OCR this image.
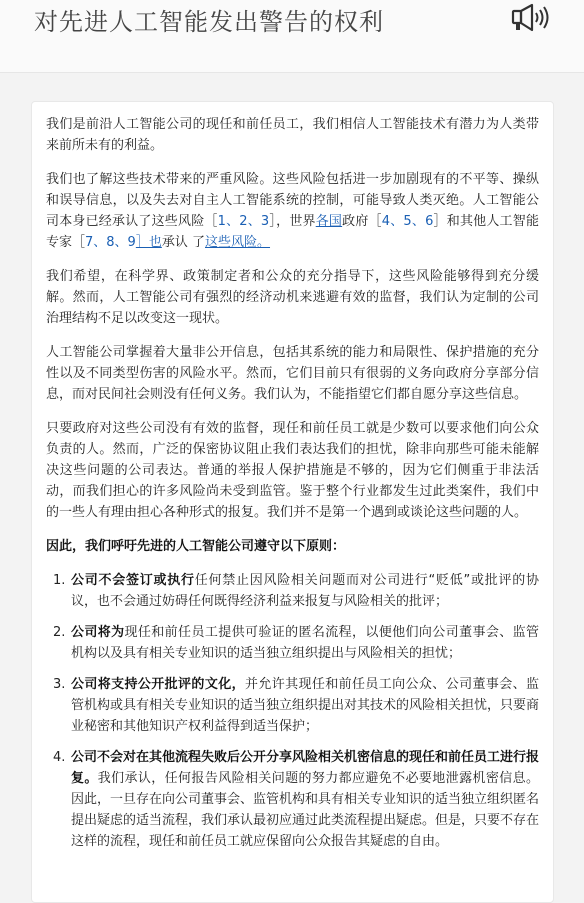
对先进人工智能发出警告的权利

我们是前沿人工智能公司的现任和前任员工，我们相信人工智能技术有潜力为人类带来前所未有的利益。

我们也了解这些技术带来的严重风险。这些风险包括进一步加剧现有的不平等、操纵和误导信息，以及失去对自主人工智能系统的控制，可能导致人类灭绝。人工智能公司本身已经承认了这些风险［1、2、3］，世界各国政府［4、5、6］和其他人工智能专家［7、8、9］也承认 了这些风险。

我们希望，在科学界、政策制定者和公众的充分指导下，这些风险能够得到充分缓解。然而，人工智能公司有强烈的经济动机来逃避有效的监督，我们认为定制的公司治理结构不足以改变这一现状。

人工智能公司掌握着大量非公开信息，包括其系统的能力和局限性、保护措施的充分性以及不同类型伤害的风险水平。然而，它们目前只有很弱的义务向政府分享部分信息，而对民间社会则没有任何义务。我们认为，不能指望它们都自愿分享这些信息。

只要政府对这些公司没有有效的监督，现任和前任员工就是少数可以要求他们向公众负责的人。然而，广泛的保密协议阻止我们表达我们的担忧，除非向那些可能未能解决这些问题的公司表达。普通的举报人保护措施是不够的，因为它们侧重于非法活动，而我们担心的许多风险尚未受到监管。鉴于整个行业都发生过此类案件，我们中的一些人有理由担心各种形式的报复。我们并不是第一个遇到或谈论这些问题的人。

因此，我们呼吁先进的人工智能公司遵守以下原则：

1. 公司不会签订或执行任何禁止因风险相关问题而对公司进行“贬低”或批评的协议，也不会通过妨碍任何既得经济利益来报复与风险相关的批评；
2. 公司将为现任和前任员工提供可验证的匿名流程，以便他们向公司董事会、监管机构以及具有相关专业知识的适当独立组织提出与风险相关的担忧；
3. 公司将支持公开批评的文化，并允许其现任和前任员工向公众、公司董事会、监管机构或具有相关专业知识的适当独立组织提出对其技术的风险相关担忧，只要商业秘密和其他知识产权利益得到适当保护；
4. 公司不会对在其他流程失败后公开分享风险相关机密信息的现任和前任员工进行报复。我们承认，任何报告风险相关问题的努力都应避免不必要地泄露机密信息。因此，一旦存在向公司董事会、监管机构和具有相关专业知识的适当独立组织匿名提出疑虑的适当流程，我们承认最初应通过此类流程提出疑虑。但是，只要不存在这样的流程，现任和前任员工就应保留向公众报告其疑虑的自由。
